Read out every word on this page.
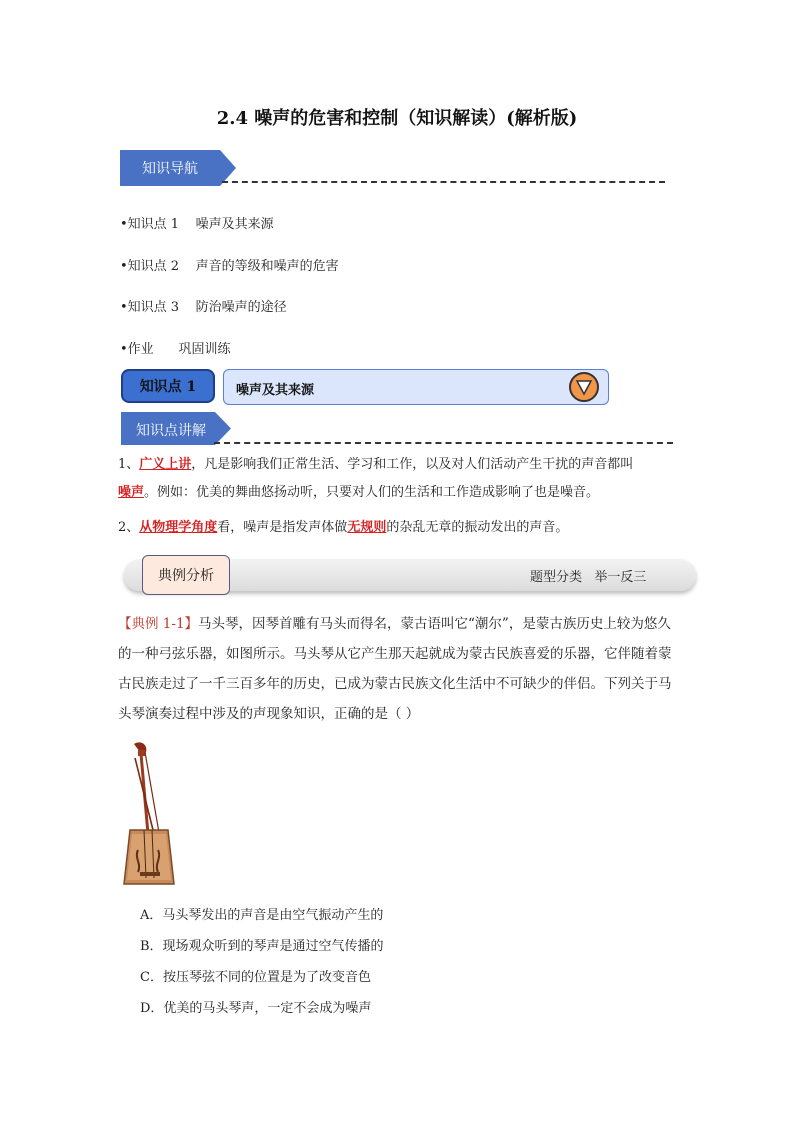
2.4 噪声的危害和控制（知识解读）(解析版)
知识导航
•知识点 1    噪声及其来源
•知识点 2    声音的等级和噪声的危害
•知识点 3    防治噪声的途径
•作业      巩固训练
知识点 1	噪声及其来源
知识点讲解
1、广义上讲，凡是影响我们正常生活、学习和工作，以及对人们活动产生干扰的声音都叫

噪声。例如：优美的舞曲悠扬动听，只要对人们的生活和工作造成影响了也是噪音。
2、从物理学角度看，噪声是指发声体做无规则的杂乱无章的振动发出的声音。
典例分析	题型分类   举一反三
【典例 1-1】马头琴，因琴首雕有马头而得名，蒙古语叫它“潮尔”，是蒙古族历史上较为悠久的一种弓弦乐器，如图所示。马头琴从它产生那天起就成为蒙古民族喜爱的乐器，它伴随着蒙古民族走过了一千三百多年的历史，已成为蒙古民族文化生活中不可缺少的伴侣。下列关于马头琴演奏过程中涉及的声现象知识，正确的是（ ）
A．马头琴发出的声音是由空气振动产生的
B．现场观众听到的琴声是通过空气传播的
C．按压琴弦不同的位置是为了改变音色
D．优美的马头琴声，一定不会成为噪声
